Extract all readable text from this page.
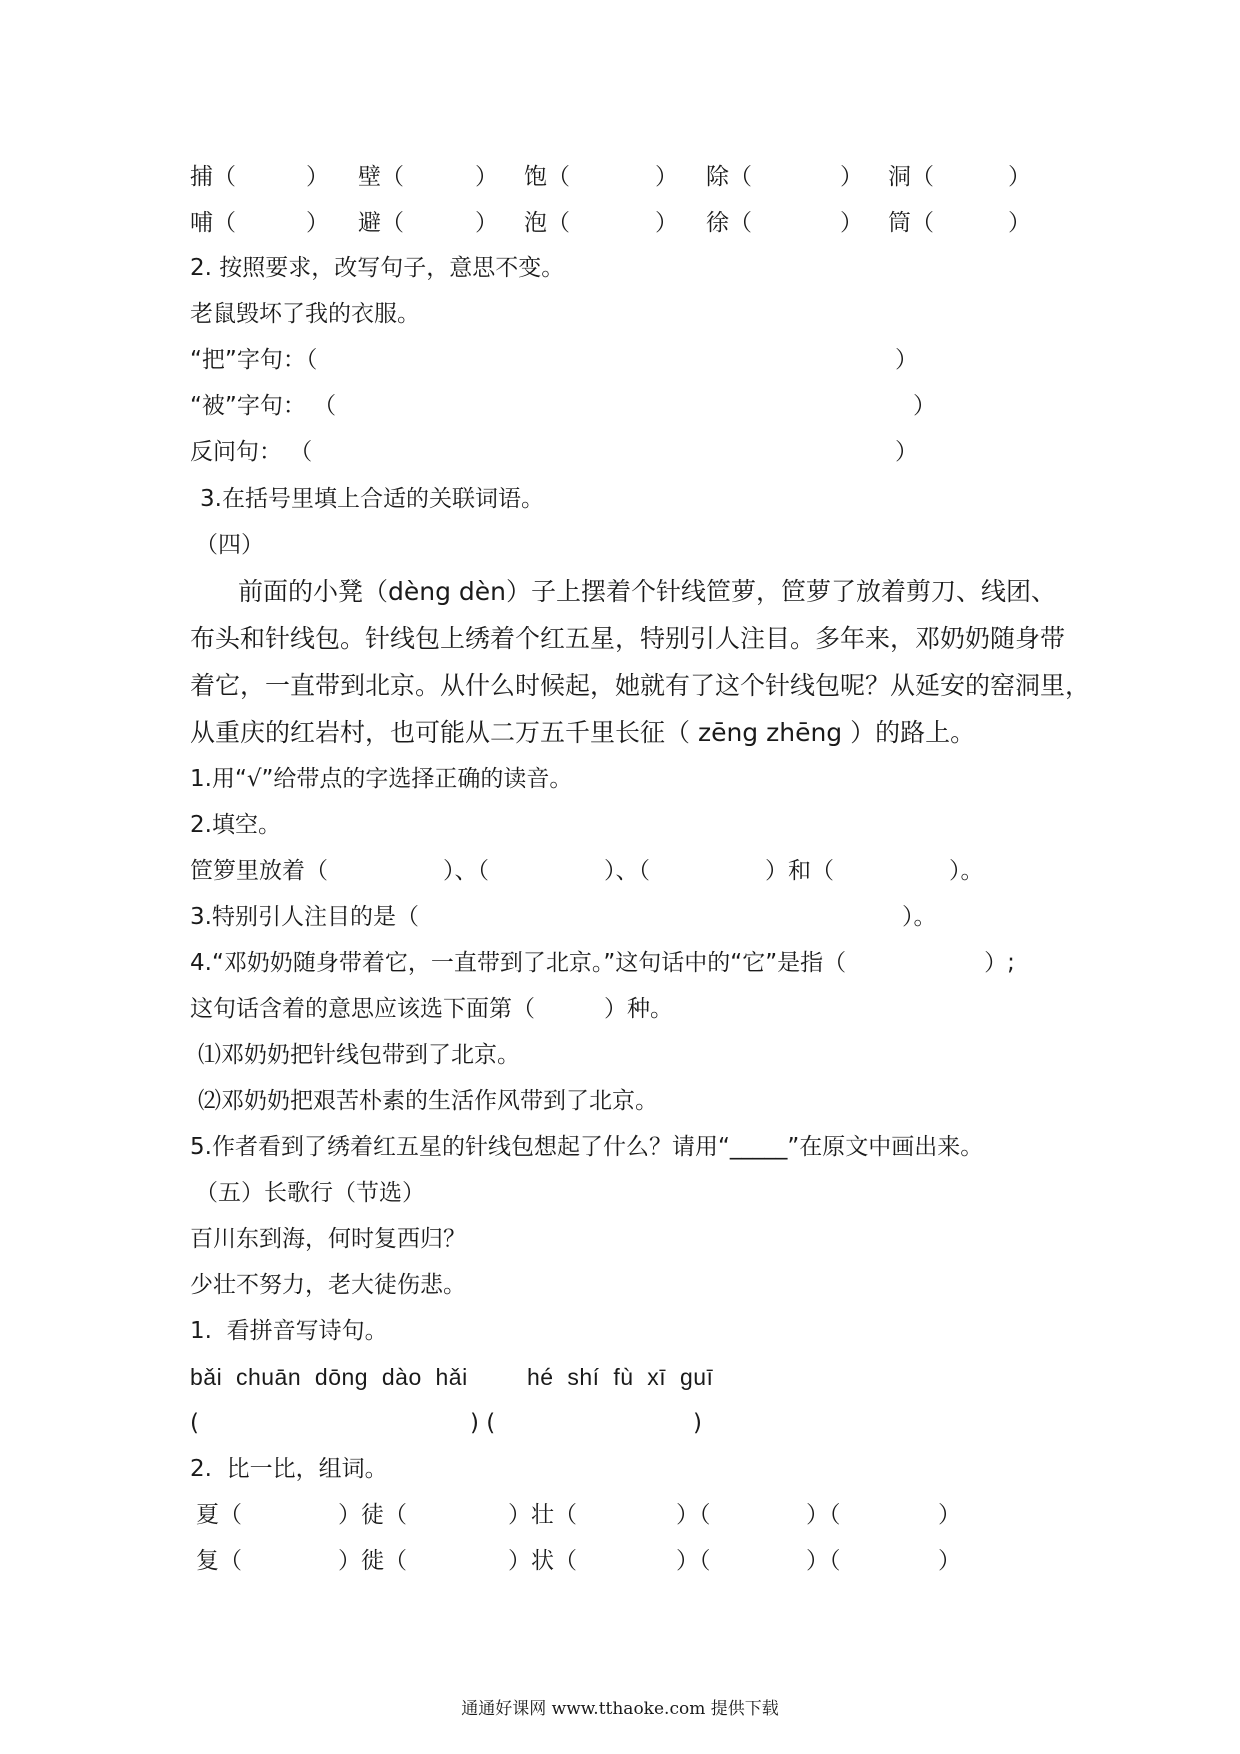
捕（	） 壁（	） 饱（	） 除（	） 洞（	）
哺（	） 避（	） 泡（	） 徐（	） 筒（	）
2. 按照要求，改写句子，意思不变。
老鼠毁坏了我的衣服。
“把”字句：（	）
“被”字句： （	）
反问句： （	）
3.在括号里填上合适的关联词语。
（四）
前面的小凳（dèng dèn）子上摆着个针线笸萝，笸萝了放着剪刀、线团、
布头和针线包。针线包上绣着个红五星，特别引人注目。多年来，邓奶奶随身带
着它，一直带到北京。从什么时候起，她就有了这个针线包呢？从延安的窑洞里，
从重庆的红岩村，也可能从二万五千里长征（ zēng zhēng ）的路上。
1.用“√”给带点的字选择正确的读音。
2.填空。
笸箩里放着（　　　　　）、（　　　　　）、（　　　　　）和（　　　　　）。
3.特别引人注目的是（　　　　　　　　　　　　　　　　　　　　　）。
4.“邓奶奶随身带着它，一直带到了北京。”这句话中的“它”是指（　　　　　　）;
这句话含着的意思应该选下面第（　　　）种。
⑴邓奶奶把针线包带到了北京。
⑵邓奶奶把艰苦朴素的生活作风带到了北京。
5.作者看到了绣着红五星的针线包想起了什么？请用“_____”在原文中画出来。
（五）长歌行（节选）
百川东到海，何时复西归？
少壮不努力，老大徒伤悲。
1.  看拼音写诗句。
bǎi  chuān  dōng  dào  hǎi	hé  shí  fù  xī  guī
(	) (	)
2.  比一比，组词。
夏（	）徒（	）壮（	）（	）（	）
复（	）徙（	）状（	）（	）（	）
通通好课网 www.tthaoke.com 提供下载
